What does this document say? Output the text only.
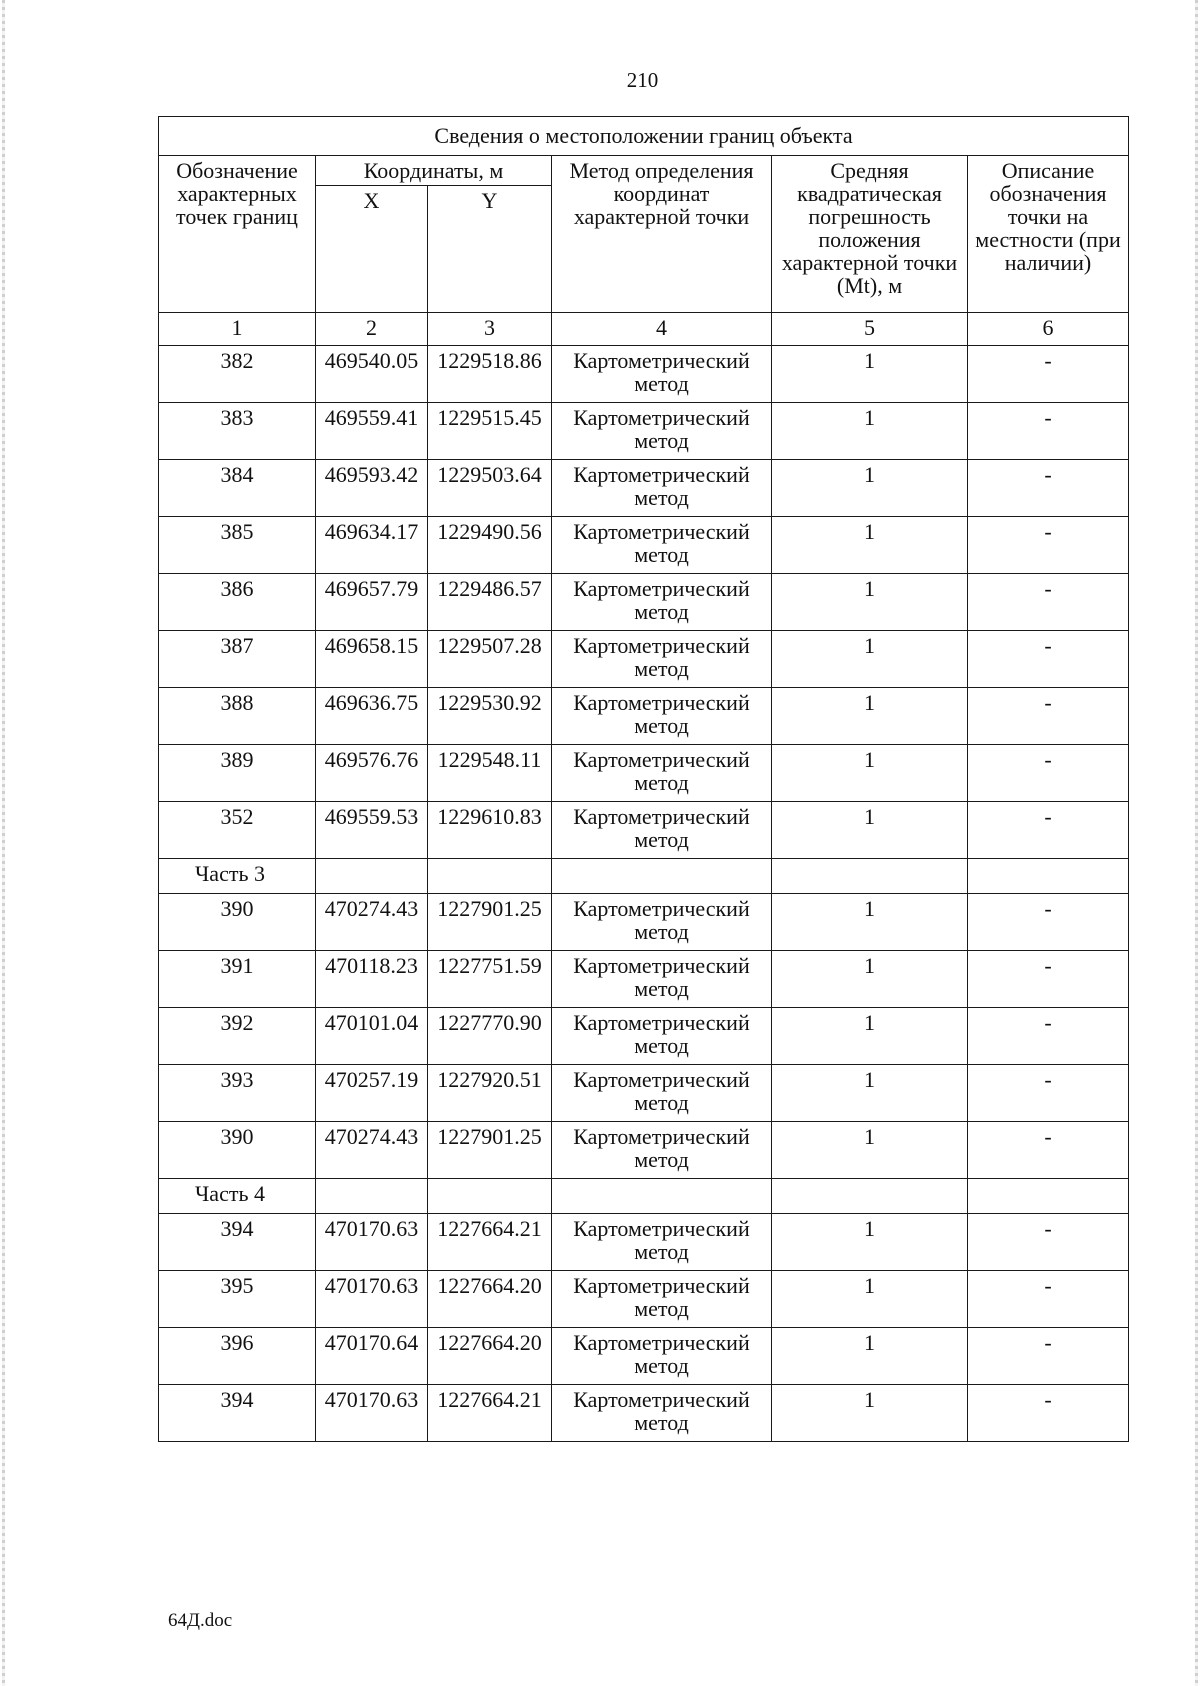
210
Сведения о местоположении границ объекта					
Обозначение характерных точек границ	Координаты, м		Метод определения координат характерной точки	Средняя квадратическая погрешность положения характерной точки (Mt), м	Описание обозначения точки на местности (при наличии)
	X	Y			
1	2	3	4	5	6
382	469540.05	1229518.86	Картометрический метод	1	-
383	469559.41	1229515.45	Картометрический метод	1	-
384	469593.42	1229503.64	Картометрический метод	1	-
385	469634.17	1229490.56	Картометрический метод	1	-
386	469657.79	1229486.57	Картометрический метод	1	-
387	469658.15	1229507.28	Картометрический метод	1	-
388	469636.75	1229530.92	Картометрический метод	1	-
389	469576.76	1229548.11	Картометрический метод	1	-
352	469559.53	1229610.83	Картометрический метод	1	-
Часть 3					
390	470274.43	1227901.25	Картометрический метод	1	-
391	470118.23	1227751.59	Картометрический метод	1	-
392	470101.04	1227770.90	Картометрический метод	1	-
393	470257.19	1227920.51	Картометрический метод	1	-
390	470274.43	1227901.25	Картометрический метод	1	-
Часть 4					
394	470170.63	1227664.21	Картометрический метод	1	-
395	470170.63	1227664.20	Картометрический метод	1	-
396	470170.64	1227664.20	Картометрический метод	1	-
394	470170.63	1227664.21	Картометрический метод	1	-
64Д.doc
